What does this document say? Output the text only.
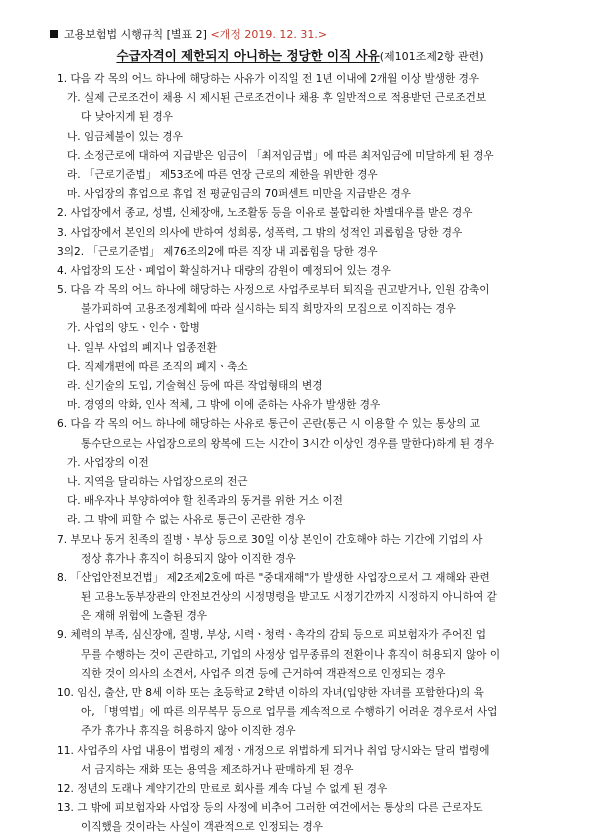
고용보험법 시행규칙 [별표 2] <개정 2019. 12. 31.>
수급자격이 제한되지 아니하는 정당한 이직 사유(제101조제2항 관련)
1. 다음 각 목의 어느 하나에 해당하는 사유가 이직일 전 1년 이내에 2개월 이상 발생한 경우
가. 실제 근로조건이 채용 시 제시된 근로조건이나 채용 후 일반적으로 적용받던 근로조건보
다 낮아지게 된 경우
나. 임금체불이 있는 경우
다. 소정근로에 대하여 지급받은 임금이 「최저임금법」에 따른 최저임금에 미달하게 된 경우
라. 「근로기준법」 제53조에 따른 연장 근로의 제한을 위반한 경우
마. 사업장의 휴업으로 휴업 전 평균임금의 70퍼센트 미만을 지급받은 경우
2. 사업장에서 종교, 성별, 신체장애, 노조활동 등을 이유로 불합리한 차별대우를 받은 경우
3. 사업장에서 본인의 의사에 반하여 성희롱, 성폭력, 그 밖의 성적인 괴롭힘을 당한 경우
3의2. 「근로기준법」 제76조의2에 따른 직장 내 괴롭힘을 당한 경우
4. 사업장의 도산ㆍ폐업이 확실하거나 대량의 감원이 예정되어 있는 경우
5. 다음 각 목의 어느 하나에 해당하는 사정으로 사업주로부터 퇴직을 권고받거나, 인원 감축이
불가피하여 고용조정계획에 따라 실시하는 퇴직 희망자의 모집으로 이직하는 경우
가. 사업의 양도ㆍ인수ㆍ합병
나. 일부 사업의 폐지나 업종전환
다. 직제개편에 따른 조직의 폐지ㆍ축소
라. 신기술의 도입, 기술혁신 등에 따른 작업형태의 변경
마. 경영의 악화, 인사 적체, 그 밖에 이에 준하는 사유가 발생한 경우
6. 다음 각 목의 어느 하나에 해당하는 사유로 통근이 곤란(통근 시 이용할 수 있는 통상의 교
통수단으로는 사업장으로의 왕복에 드는 시간이 3시간 이상인 경우를 말한다)하게 된 경우
가. 사업장의 이전
나. 지역을 달리하는 사업장으로의 전근
다. 배우자나 부양하여야 할 친족과의 동거를 위한 거소 이전
라. 그 밖에 피할 수 없는 사유로 통근이 곤란한 경우
7. 부모나 동거 친족의 질병ㆍ부상 등으로 30일 이상 본인이 간호해야 하는 기간에 기업의 사
정상 휴가나 휴직이 허용되지 않아 이직한 경우
8. 「산업안전보건법」 제2조제2호에 따른 "중대재해"가 발생한 사업장으로서 그 재해와 관련
된 고용노동부장관의 안전보건상의 시정명령을 받고도 시정기간까지 시정하지 아니하여 같
은 재해 위험에 노출된 경우
9. 체력의 부족, 심신장애, 질병, 부상, 시력ㆍ청력ㆍ촉각의 감퇴 등으로 피보험자가 주어진 업
무를 수행하는 것이 곤란하고, 기업의 사정상 업무종류의 전환이나 휴직이 허용되지 않아 이
직한 것이 의사의 소견서, 사업주 의견 등에 근거하여 객관적으로 인정되는 경우
10. 임신, 출산, 만 8세 이하 또는 초등학교 2학년 이하의 자녀(입양한 자녀를 포함한다)의 육
아, 「병역법」에 따른 의무복무 등으로 업무를 계속적으로 수행하기 어려운 경우로서 사업
주가 휴가나 휴직을 허용하지 않아 이직한 경우
11. 사업주의 사업 내용이 법령의 제정ㆍ개정으로 위법하게 되거나 취업 당시와는 달리 법령에
서 금지하는 재화 또는 용역을 제조하거나 판매하게 된 경우
12. 정년의 도래나 계약기간의 만료로 회사를 계속 다닐 수 없게 된 경우
13. 그 밖에 피보험자와 사업장 등의 사정에 비추어 그러한 여건에서는 통상의 다른 근로자도
이직했을 것이라는 사실이 객관적으로 인정되는 경우
